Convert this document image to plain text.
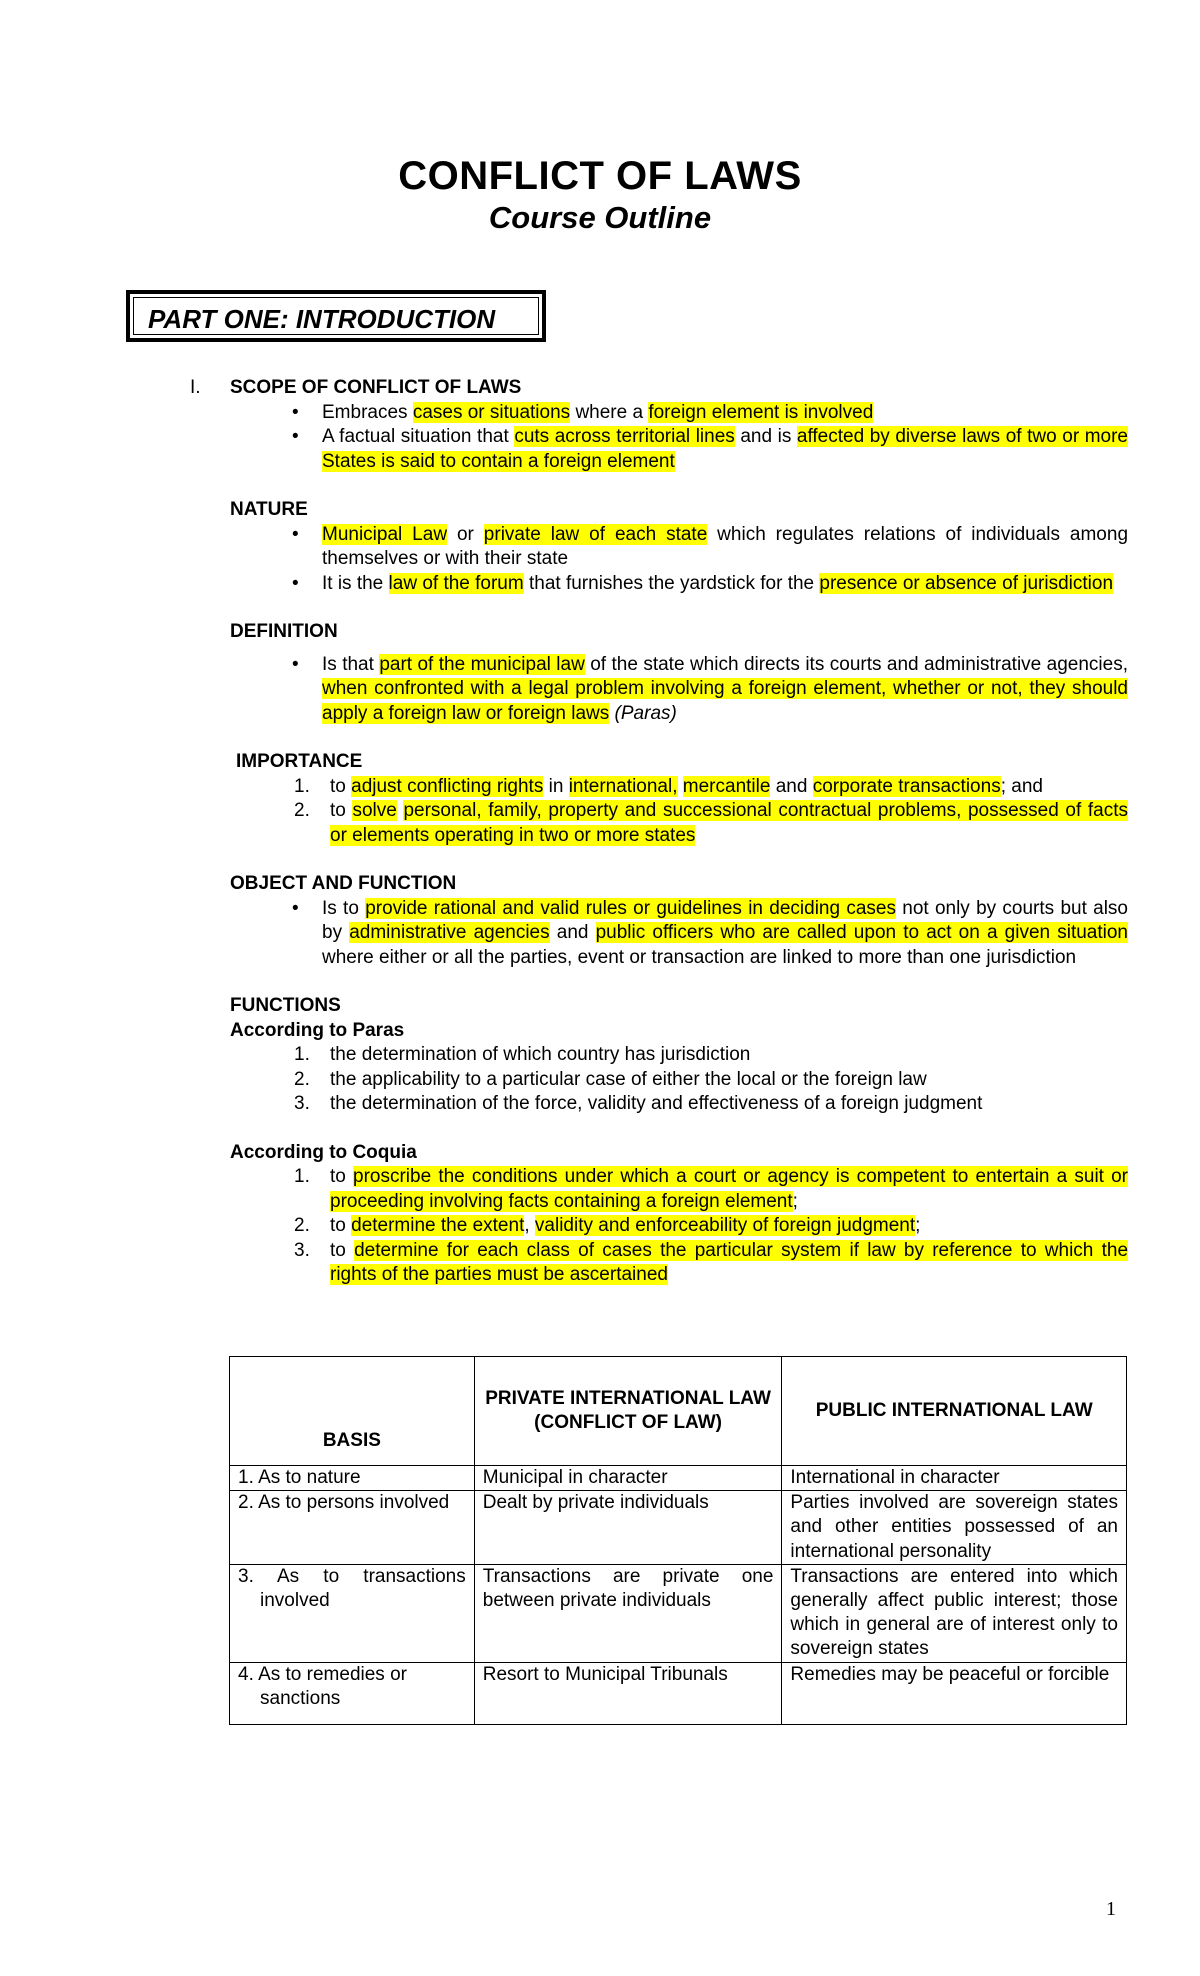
CONFLICT OF LAWS
Course Outline
PART ONE: INTRODUCTION
I. SCOPE OF CONFLICT OF LAWS
• Embraces cases or situations where a foreign element is involved
• A factual situation that cuts across territorial lines and is affected by diverse laws of two or more States is said to contain a foreign element
NATURE
• Municipal Law or private law of each state which regulates relations of individuals among themselves or with their state
• It is the law of the forum that furnishes the yardstick for the presence or absence of jurisdiction
DEFINITION
• Is that part of the municipal law of the state which directs its courts and administrative agencies, when confronted with a legal problem involving a foreign element, whether or not, they should apply a foreign law or foreign laws (Paras)
IMPORTANCE
1. to adjust conflicting rights in international, mercantile and corporate transactions; and
2. to solve personal, family, property and successional contractual problems, possessed of facts or elements operating in two or more states
OBJECT AND FUNCTION
• Is to provide rational and valid rules or guidelines in deciding cases not only by courts but also by administrative agencies and public officers who are called upon to act on a given situation where either or all the parties, event or transaction are linked to more than one jurisdiction
FUNCTIONS
According to Paras
1. the determination of which country has jurisdiction
2. the applicability to a particular case of either the local or the foreign law
3. the determination of the force, validity and effectiveness of a foreign judgment
According to Coquia
1. to proscribe the conditions under which a court or agency is competent to entertain a suit or proceeding involving facts containing a foreign element;
2. to determine the extent, validity and enforceability of foreign judgment;
3. to determine for each class of cases the particular system if law by reference to which the rights of the parties must be ascertained
BASIS	PRIVATE INTERNATIONAL LAW (CONFLICT OF LAW)	PUBLIC INTERNATIONAL LAW

1. As to nature	Municipal in character	International in character

2. As to persons involved	Dealt by private individuals	Parties involved are sovereign states and other entities possessed of an international personality

3. As to transactions involved	Transactions are private one between private individuals	Transactions are entered into which generally affect public interest; those which in general are of interest only to sovereign states

4. As to remedies or sanctions	Resort to Municipal Tribunals	Remedies may be peaceful or forcible
1
